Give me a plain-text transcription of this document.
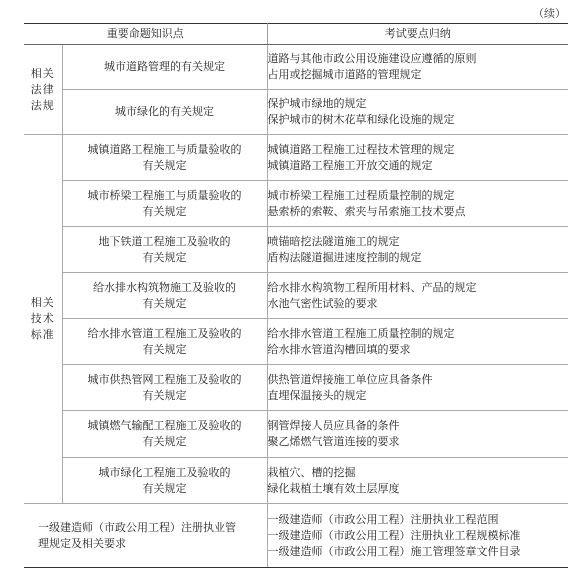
（续）
重要命题知识点		考试要点归纳

相关
法律
法规	城市道路管理的有关规定	道路与其他市政公用设施建设应遵循的原则
占用或挖掘城市道路的管理规定

	城市绿化的有关规定	保护城市绿地的规定
保护城市的树木花草和绿化设施的规定

相关
技术
标准	城镇道路工程施工与质量验收的
有关规定	城镇道路工程施工过程技术管理的规定
城镇道路工程施工开放交通的规定

	城市桥梁工程施工与质量验收的
有关规定	城市桥梁工程施工过程质量控制的规定
悬索桥的索鞍、索夹与吊索施工技术要点

	地下铁道工程施工及验收的
有关规定	喷锚暗挖法隧道施工的规定
盾构法隧道掘进速度控制的规定

	给水排水构筑物施工及验收的
有关规定	给水排水构筑物工程所用材料、产品的规定
水池气密性试验的要求

	给水排水管道工程施工及验收的
有关规定	给水排水管道工程施工质量控制的规定
给水排水管道沟槽回填的要求

	城市供热管网工程施工及验收的
有关规定	供热管道焊接施工单位应具备条件
直埋保温接头的规定

	城镇燃气输配工程施工及验收的
有关规定	钢管焊接人员应具备的条件
聚乙烯燃气管道连接的要求

	城市绿化工程施工及验收的
有关规定	栽植穴、槽的挖掘
绿化栽植土壤有效土层厚度

一级建造师（市政公用工程）注册执业管
理规定及相关要求		一级建造师（市政公用工程）注册执业工程范围
一级建造师（市政公用工程）注册执业工程规模标准
一级建造师（市政公用工程）施工管理签章文件目录
